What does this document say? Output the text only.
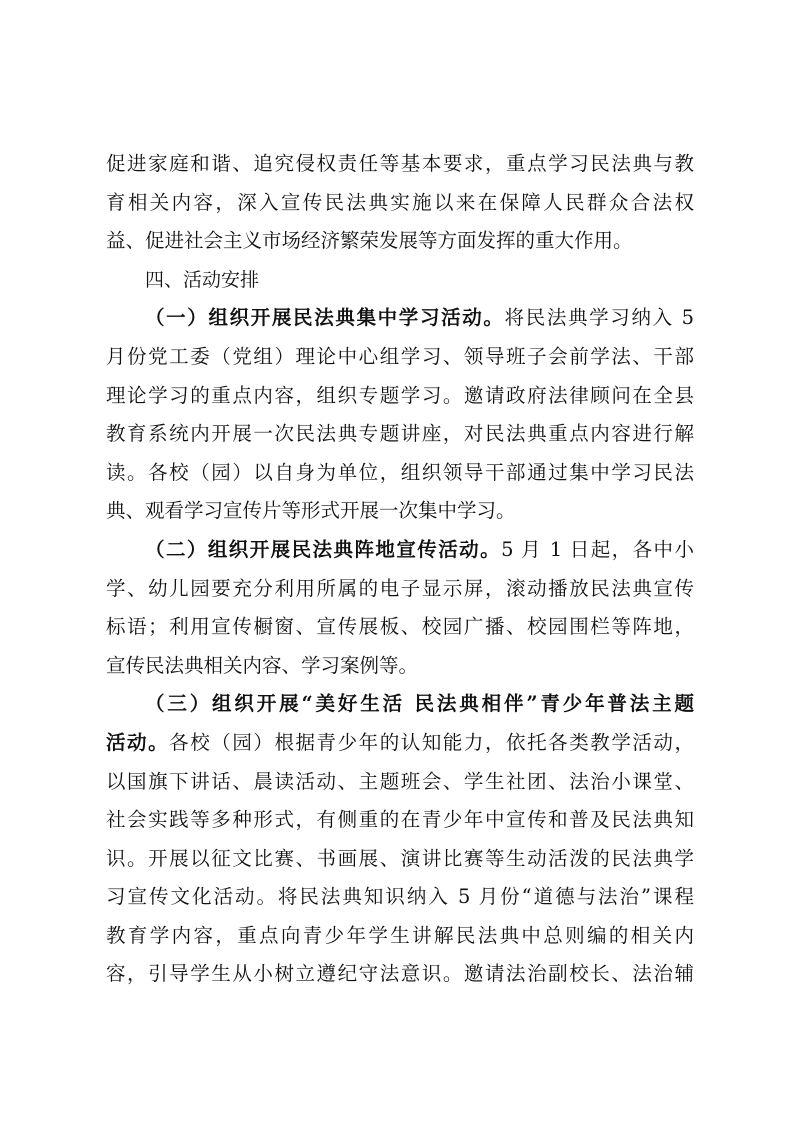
促进家庭和谐、追究侵权责任等基本要求，重点学习民法典与教
育相关内容，深入宣传民法典实施以来在保障人民群众合法权
益、促进社会主义市场经济繁荣发展等方面发挥的重大作用。
四、活动安排
（一）组织开展民法典集中学习活动。将民法典学习纳入 5
月份党工委（党组）理论中心组学习、领导班子会前学法、干部
理论学习的重点内容，组织专题学习。邀请政府法律顾问在全县
教育系统内开展一次民法典专题讲座，对民法典重点内容进行解
读。各校（园）以自身为单位，组织领导干部通过集中学习民法
典、观看学习宣传片等形式开展一次集中学习。
（二）组织开展民法典阵地宣传活动。5 月 1 日起，各中小
学、幼儿园要充分利用所属的电子显示屏，滚动播放民法典宣传
标语；利用宣传橱窗、宣传展板、校园广播、校园围栏等阵地，
宣传民法典相关内容、学习案例等。
（三）组织开展“美好生活 民法典相伴”青少年普法主题
活动。各校（园）根据青少年的认知能力，依托各类教学活动，
以国旗下讲话、晨读活动、主题班会、学生社团、法治小课堂、
社会实践等多种形式，有侧重的在青少年中宣传和普及民法典知
识。开展以征文比赛、书画展、演讲比赛等生动活泼的民法典学
习宣传文化活动。将民法典知识纳入 5 月份“道德与法治”课程
教育学内容，重点向青少年学生讲解民法典中总则编的相关内
容，引导学生从小树立遵纪守法意识。邀请法治副校长、法治辅
